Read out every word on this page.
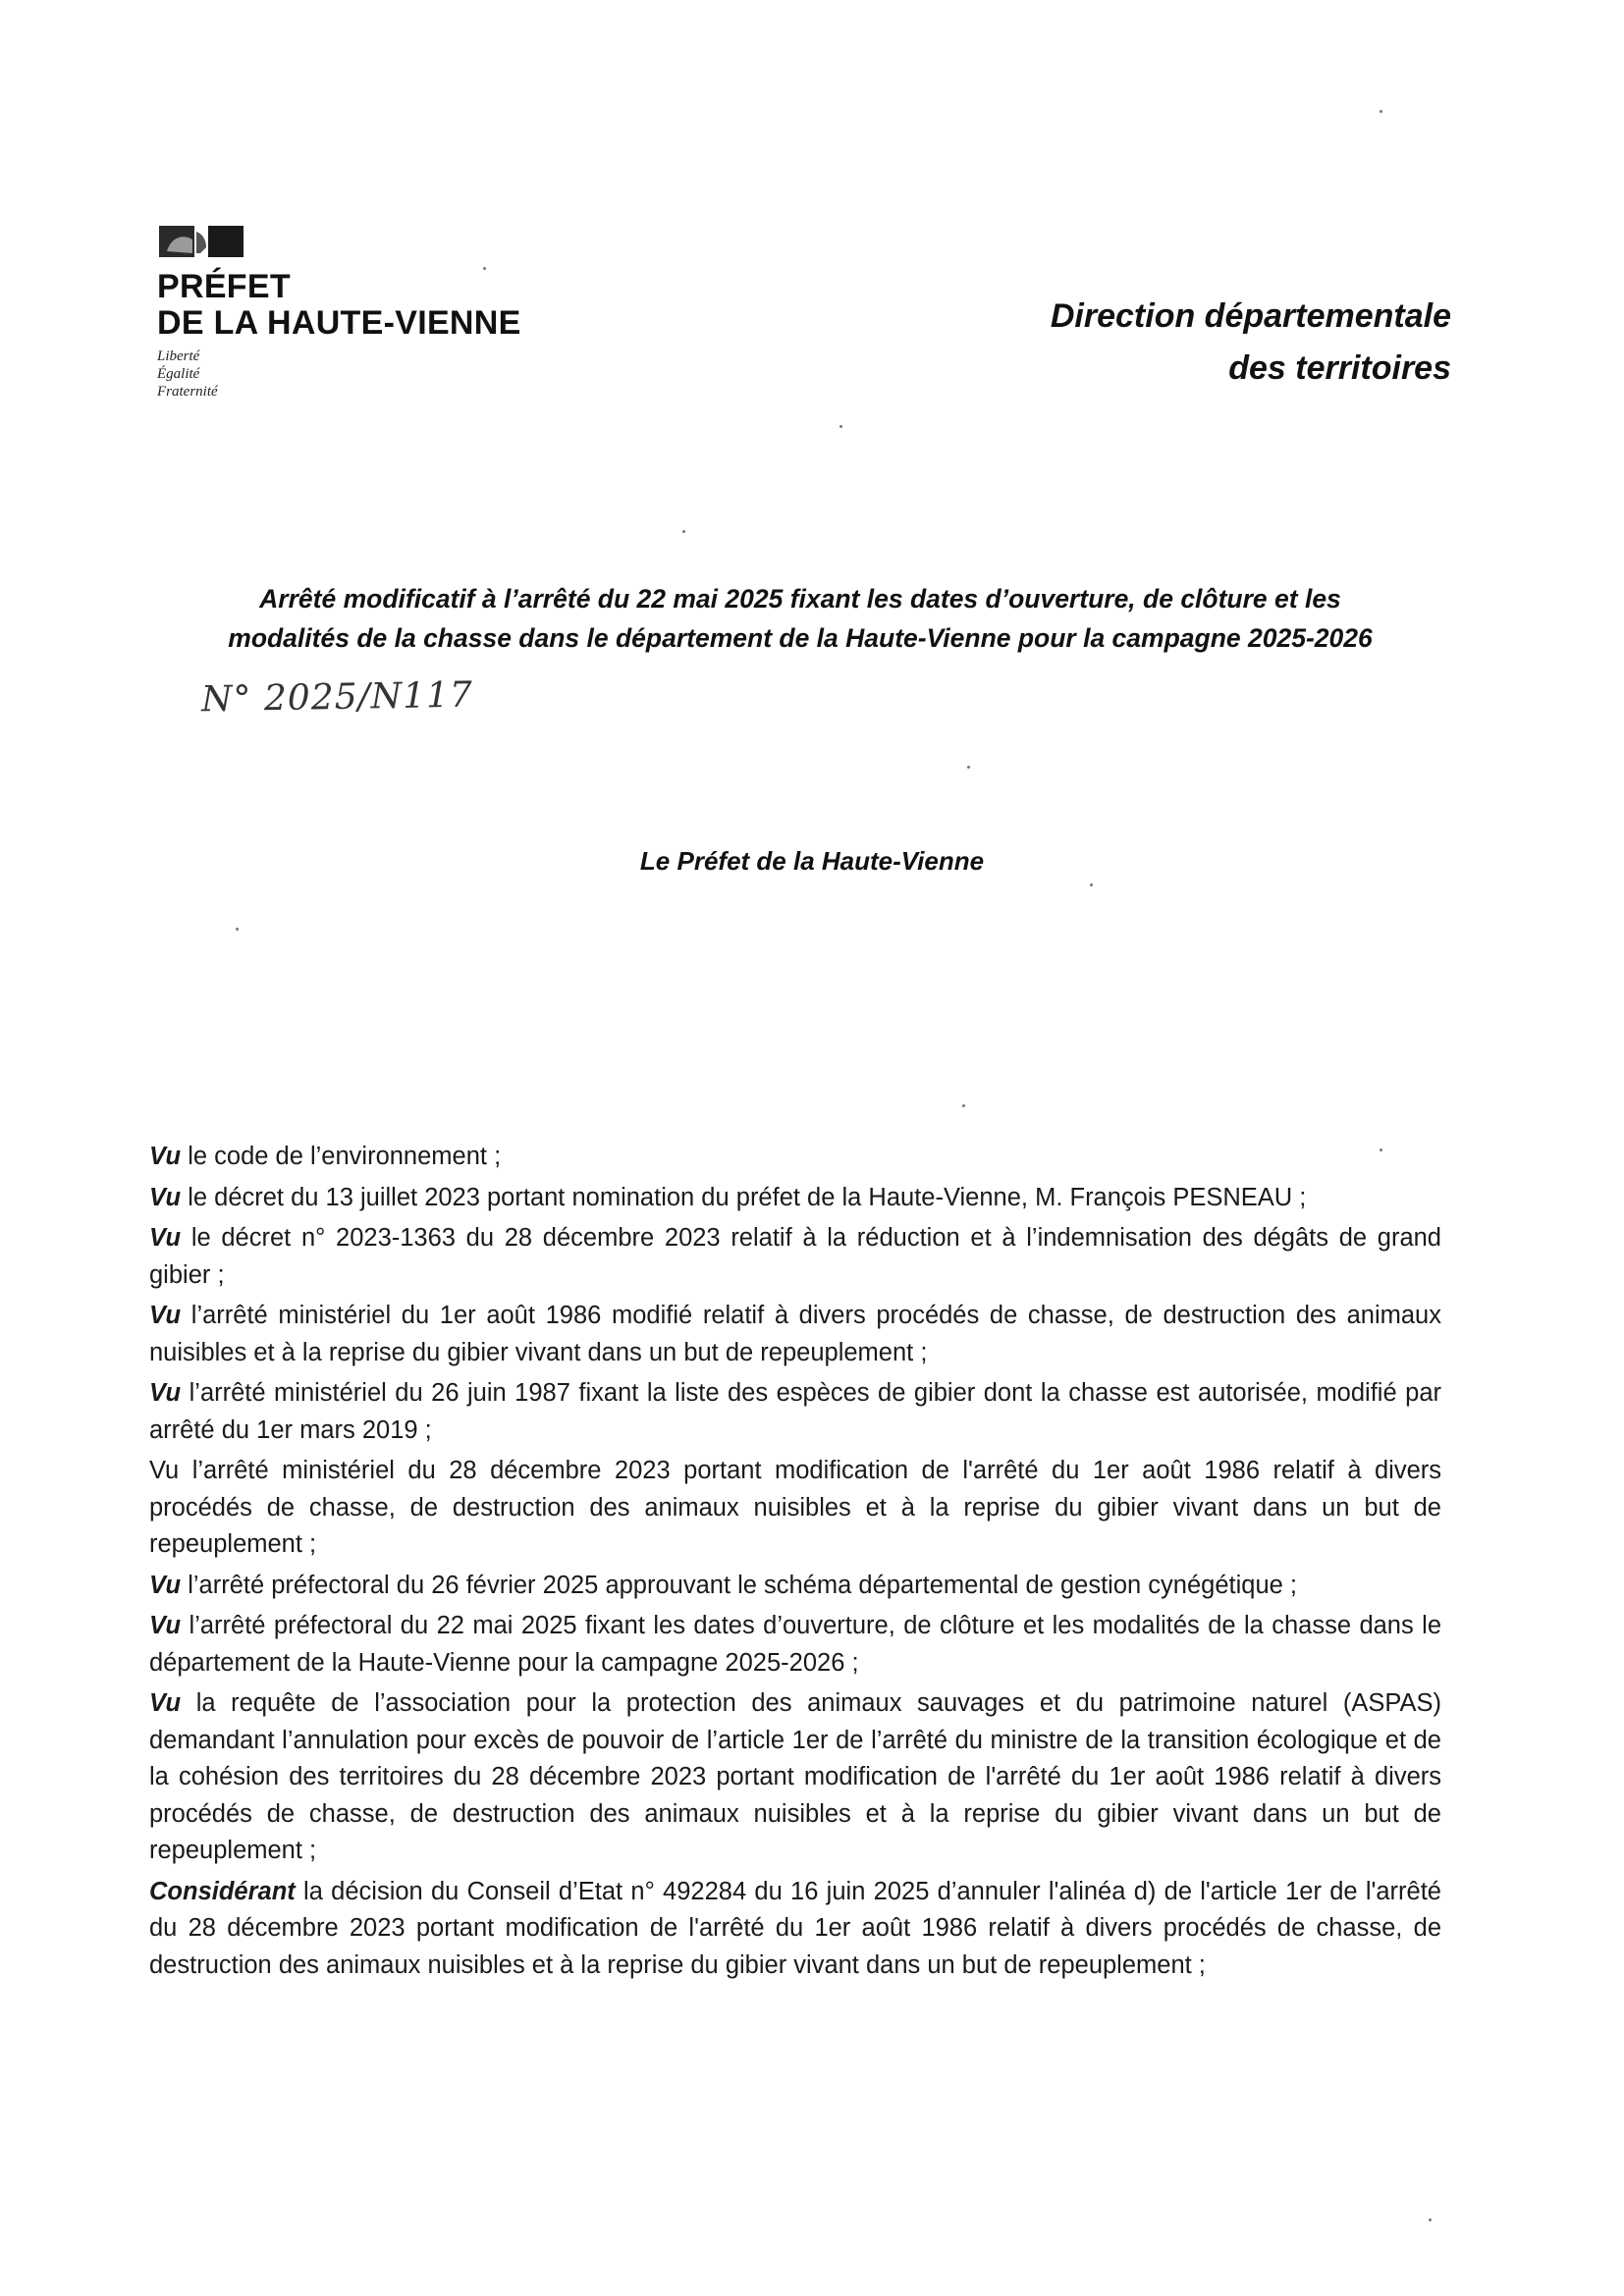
PRÉFET
DE LA HAUTE-VIENNE
Liberté
Égalité
Fraternité
Direction départementale
des territoires
Arrêté modificatif à l’arrêté du 22 mai 2025 fixant les dates d’ouverture, de clôture et les
modalités de la chasse dans le département de la Haute-Vienne pour la campagne 2025-2026
N° 2025/N117
Le Préfet de la Haute-Vienne
Vu le code de l’environnement ;
Vu le décret du 13 juillet 2023 portant nomination du préfet de la Haute-Vienne, M. François PESNEAU ;
Vu le décret n° 2023-1363 du 28 décembre 2023 relatif à la réduction et à l’indemnisation des dégâts de grand gibier ;
Vu l’arrêté ministériel du 1er août 1986 modifié relatif à divers procédés de chasse, de destruction des animaux nuisibles et à la reprise du gibier vivant dans un but de repeuplement ;
Vu l’arrêté ministériel du 26 juin 1987 fixant la liste des espèces de gibier dont la chasse est autorisée, modifié par arrêté du 1er mars 2019 ;
Vu l’arrêté ministériel du 28 décembre 2023 portant modification de l'arrêté du 1er août 1986 relatif à divers procédés de chasse, de destruction des animaux nuisibles et à la reprise du gibier vivant dans un but de repeuplement ;
Vu l’arrêté préfectoral du 26 février 2025 approuvant le schéma départemental de gestion cynégétique ;
Vu l’arrêté préfectoral du 22 mai 2025 fixant les dates d’ouverture, de clôture et les modalités de la chasse dans le département de la Haute-Vienne pour la campagne 2025-2026 ;
Vu la requête de l’association pour la protection des animaux sauvages et du patrimoine naturel (ASPAS) demandant l’annulation pour excès de pouvoir de l’article 1er de l’arrêté du ministre de la transition écologique et de la cohésion des territoires du 28 décembre 2023 portant modification de l'arrêté du 1er août 1986 relatif à divers procédés de chasse, de destruction des animaux nuisibles et à la reprise du gibier vivant dans un but de repeuplement ;
Considérant la décision du Conseil d’Etat n° 492284 du 16 juin 2025 d’annuler l'alinéa d) de l'article 1er de l'arrêté du 28 décembre 2023 portant modification de l'arrêté du 1er août 1986 relatif à divers procédés de chasse, de destruction des animaux nuisibles et à la reprise du gibier vivant dans un but de repeuplement ;
